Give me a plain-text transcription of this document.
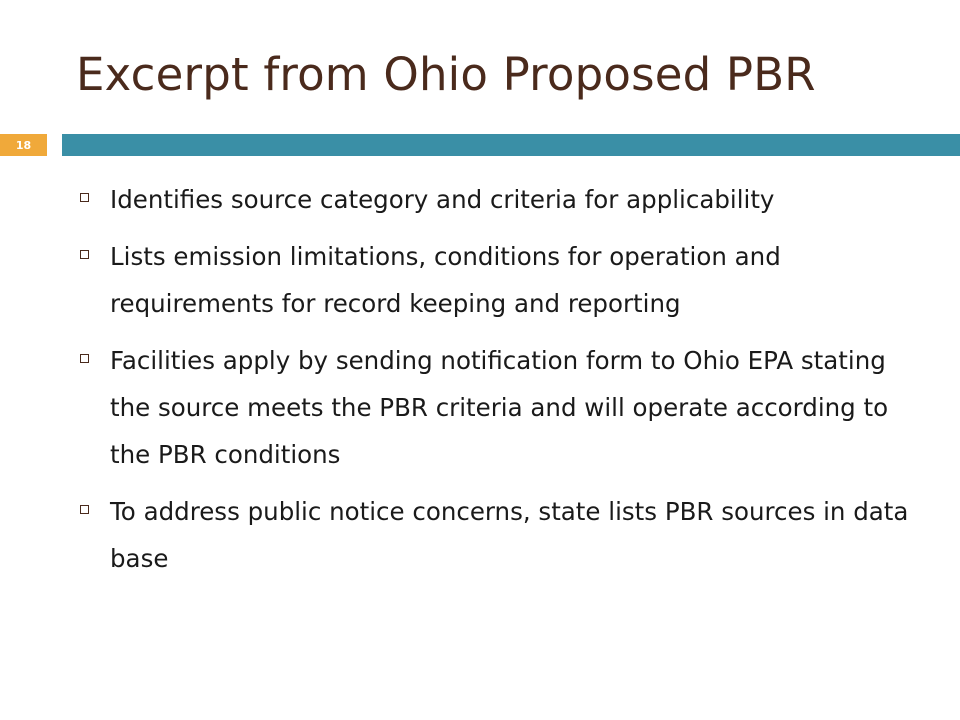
Excerpt from Ohio Proposed PBR
18
Identifies source category and criteria for applicability
Lists emission limitations, conditions for operation and requirements for record keeping and reporting
Facilities apply by sending notification form to Ohio EPA stating the source meets the PBR criteria and will operate according to the PBR conditions
To address public notice concerns, state lists PBR sources in data base
